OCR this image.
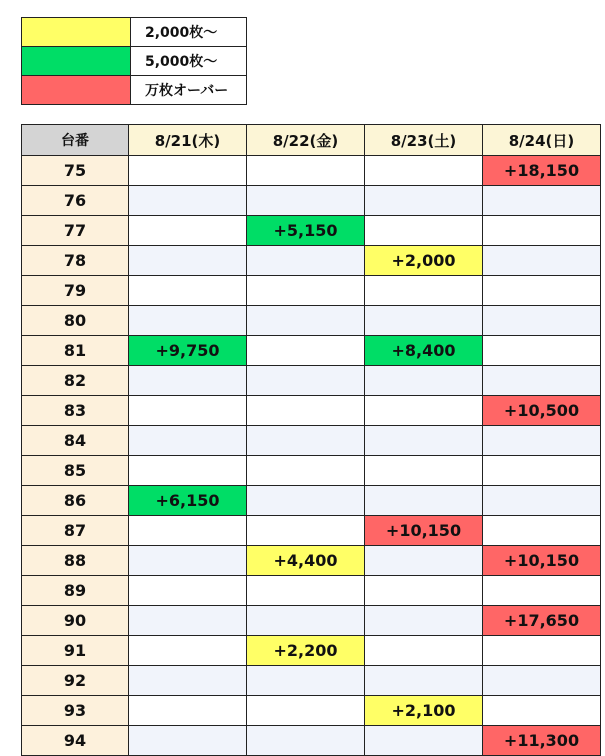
	2,000枚～
	5,000枚～
	万枚オーバー
台番	8/21(木)	8/22(金)	8/23(土)	8/24(日)
75				+18,150
76				
77		+5,150		
78			+2,000	
79				
80				
81	+9,750		+8,400	
82				
83				+10,500
84				
85				
86	+6,150			
87			+10,150	
88		+4,400		+10,150
89				
90				+17,650
91		+2,200		
92				
93			+2,100	
94				+11,300
